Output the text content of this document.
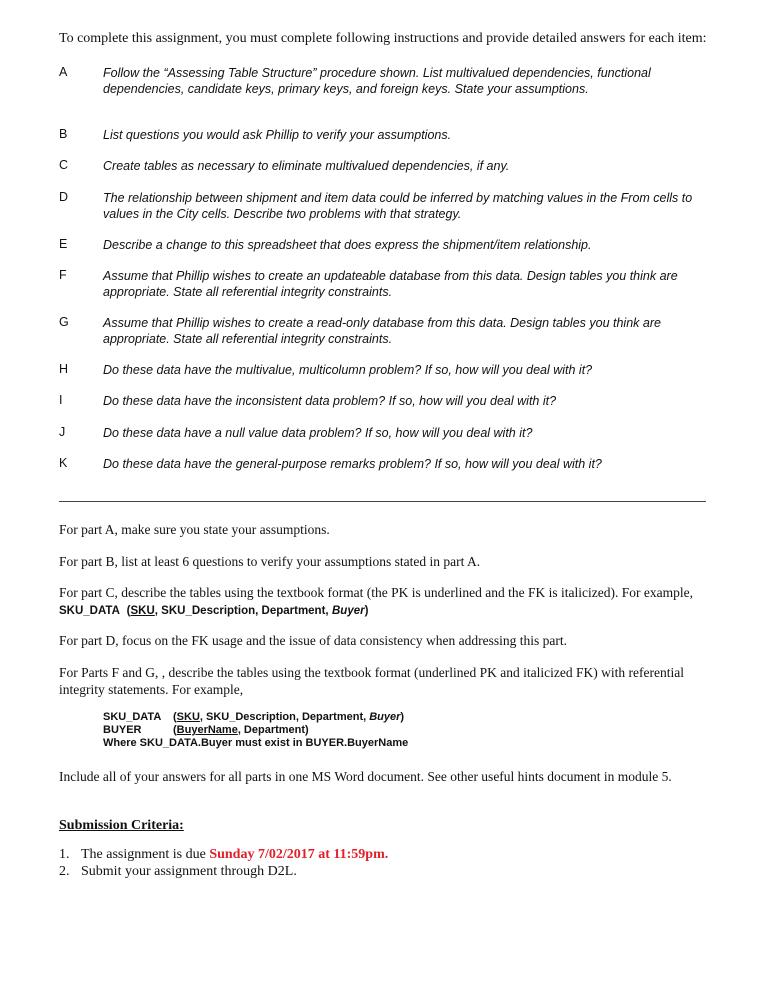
To complete this assignment, you must complete following instructions and provide detailed answers for each item:
A	Follow the “Assessing Table Structure” procedure shown. List multivalued dependencies, functional dependencies, candidate keys, primary keys, and foreign keys. State your assumptions.
B	List questions you would ask Phillip to verify your assumptions.
C	Create tables as necessary to eliminate multivalued dependencies, if any.
D	The relationship between shipment and item data could be inferred by matching values in the From cells to values in the City cells. Describe two problems with that strategy.
E	Describe a change to this spreadsheet that does express the shipment/item relationship.
F	Assume that Phillip wishes to create an updateable database from this data. Design tables you think are appropriate. State all referential integrity constraints.
G	Assume that Phillip wishes to create a read-only database from this data. Design tables you think are appropriate. State all referential integrity constraints.
H	Do these data have the multivalue, multicolumn problem? If so, how will you deal with it?
I	Do these data have the inconsistent data problem? If so, how will you deal with it?
J	Do these data have a null value data problem? If so, how will you deal with it?
K	Do these data have the general-purpose remarks problem? If so, how will you deal with it?
For part A, make sure you state your assumptions.
For part B, list at least 6 questions to verify your assumptions stated in part A.
For part C, describe the tables using the textbook format (the PK is underlined and the FK is italicized). For example, SKU_DATA (SKU, SKU_Description, Department, Buyer)
For part D, focus on the FK usage and the issue of data consistency when addressing this part.
For Parts F and G, , describe the tables using the textbook format (underlined PK and italicized FK) with referential integrity statements. For example,
SKU_DATA (SKU, SKU_Description, Department, Buyer)
BUYER	(BuyerName, Department)
Where SKU_DATA.Buyer must exist in BUYER.BuyerName
Include all of your answers for all parts in one MS Word document. See other useful hints document in module 5.
Submission Criteria:
1. The assignment is due Sunday 7/02/2017 at 11:59pm.
2. Submit your assignment through D2L.
